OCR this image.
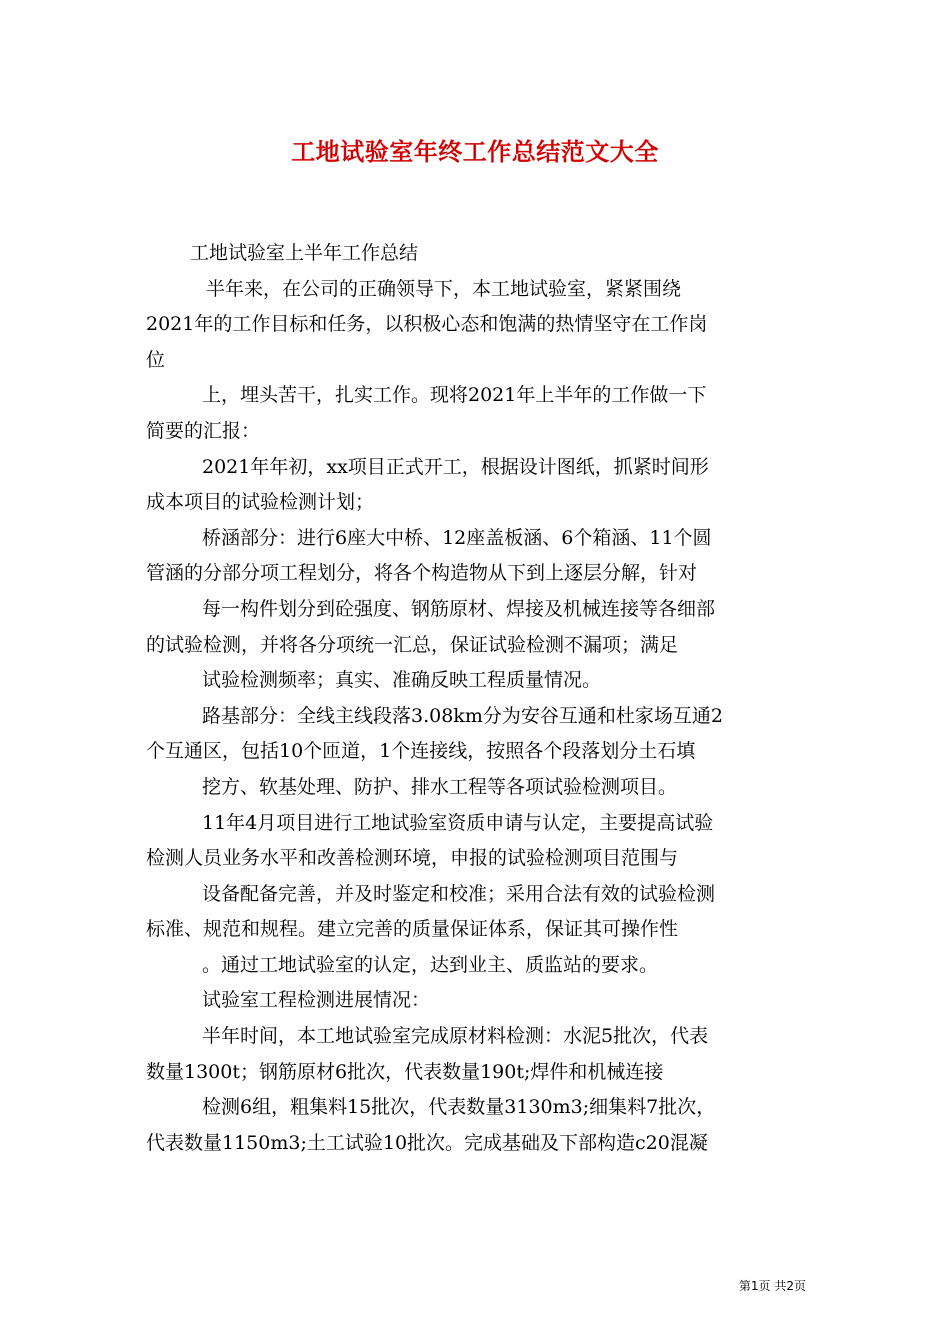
工地试验室年终工作总结范文大全
工地试验室上半年工作总结
半年来，在公司的正确领导下，本工地试验室，紧紧围绕
2021年的工作目标和任务，以积极心态和饱满的热情坚守在工作岗
位
上，埋头苦干，扎实工作。现将2021年上半年的工作做一下
简要的汇报：
2021年年初，xx项目正式开工，根据设计图纸，抓紧时间形
成本项目的试验检测计划；
桥涵部分：进行6座大中桥、12座盖板涵、6个箱涵、11个圆
管涵的分部分项工程划分，将各个构造物从下到上逐层分解，针对
每一构件划分到砼强度、钢筋原材、焊接及机械连接等各细部
的试验检测，并将各分项统一汇总，保证试验检测不漏项；满足
试验检测频率；真实、准确反映工程质量情况。
路基部分：全线主线段落3.08km分为安谷互通和杜家场互通2
个互通区，包括10个匝道，1个连接线，按照各个段落划分土石填
挖方、软基处理、防护、排水工程等各项试验检测项目。
11年4月项目进行工地试验室资质申请与认定，主要提高试验
检测人员业务水平和改善检测环境，申报的试验检测项目范围与
设备配备完善，并及时鉴定和校准；采用合法有效的试验检测
标准、规范和规程。建立完善的质量保证体系，保证其可操作性
。通过工地试验室的认定，达到业主、质监站的要求。
试验室工程检测进展情况：
半年时间，本工地试验室完成原材料检测：水泥5批次，代表
数量1300t；钢筋原材6批次，代表数量190t;焊件和机械连接
检测6组，粗集料15批次，代表数量3130m3;细集料7批次，
代表数量1150m3;土工试验10批次。完成基础及下部构造c20混凝
第1页 共2页
